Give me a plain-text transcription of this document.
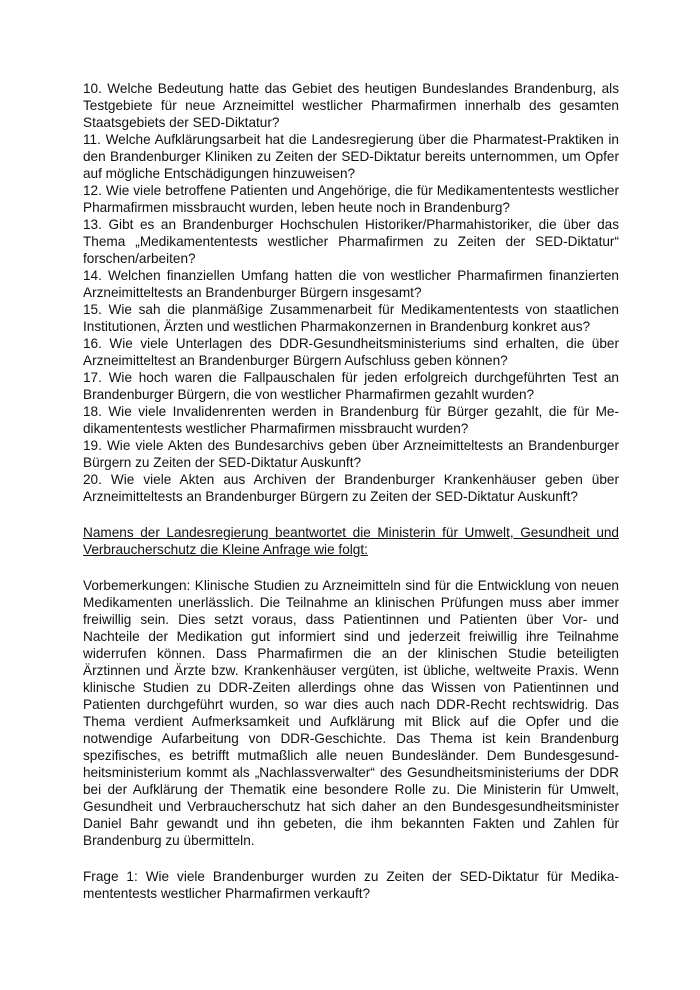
10. Welche Bedeutung hatte das Gebiet des heutigen Bundeslandes Brandenburg, als Testgebiete für neue Arzneimittel westlicher Pharmafirmen innerhalb des gesamten Staatsgebiets der SED-Diktatur?

11. Welche Aufklärungsarbeit hat die Landesregierung über die Pharmatest-Praktiken in den Brandenburger Kliniken zu Zeiten der SED-Diktatur bereits unternommen, um Opfer auf mögliche Entschädigungen hinzuweisen?

12. Wie viele betroffene Patienten und Angehörige, die für Medikamententests westlicher Pharmafirmen missbraucht wurden, leben heute noch in Brandenburg?

13. Gibt es an Brandenburger Hochschulen Historiker/Pharmahistoriker, die über das Thema „Medikamententests westlicher Pharmafirmen zu Zeiten der SED-Diktatur“ forschen/arbeiten?

14. Welchen finanziellen Umfang hatten die von westlicher Pharmafirmen finanzierten Arzneimitteltests an Brandenburger Bürgern insgesamt?

15. Wie sah die planmäßige Zusammenarbeit für Medikamententests von staatlichen Institutionen, Ärzten und westlichen Pharmakonzernen in Brandenburg konkret aus?

16. Wie viele Unterlagen des DDR-Gesundheitsministeriums sind erhalten, die über Arzneimitteltest an Brandenburger Bürgern Aufschluss geben können?

17. Wie hoch waren die Fallpauschalen für jeden erfolgreich durchgeführten Test an Brandenburger Bürgern, die von westlicher Pharmafirmen gezahlt wurden?

18. Wie viele Invalidenrenten werden in Brandenburg für Bürger gezahlt, die für Medikamententests westlicher Pharmafirmen missbraucht wurden?

19. Wie viele Akten des Bundesarchivs geben über Arzneimitteltests an Brandenburger Bürgern zu Zeiten der SED-Diktatur Auskunft?

20. Wie viele Akten aus Archiven der Brandenburger Krankenhäuser geben über Arzneimitteltests an Brandenburger Bürgern zu Zeiten der SED-Diktatur Auskunft?

Namens der Landesregierung beantwortet die Ministerin für Umwelt, Gesundheit und Verbraucherschutz die Kleine Anfrage wie folgt:

Vorbemerkungen: Klinische Studien zu Arzneimitteln sind für die Entwicklung von neuen Medikamenten unerlässlich. Die Teilnahme an klinischen Prüfungen muss aber immer freiwillig sein. Dies setzt voraus, dass Patientinnen und Patienten über Vor- und Nachteile der Medikation gut informiert sind und jederzeit freiwillig ihre Teilnahme widerrufen können. Dass Pharmafirmen die an der klinischen Studie beteiligten Ärztinnen und Ärzte bzw. Krankenhäuser vergüten, ist übliche, weltweite Praxis. Wenn klinische Studien zu DDR-Zeiten allerdings ohne das Wissen von Patientinnen und Patienten durchgeführt wurden, so war dies auch nach DDR-Recht rechtswidrig. Das Thema verdient Aufmerksamkeit und Aufklärung mit Blick auf die Opfer und die notwendige Aufarbeitung von DDR-Geschichte. Das Thema ist kein Brandenburg spezifisches, es betrifft mutmaßlich alle neuen Bundesländer. Dem Bundesgesundheitsministerium kommt als „Nachlassverwalter“ des Gesundheitsministeriums der DDR bei der Aufklärung der Thematik eine besondere Rolle zu. Die Ministerin für Umwelt, Gesundheit und Verbraucherschutz hat sich daher an den Bundesgesundheitsminister Daniel Bahr gewandt und ihn gebeten, die ihm bekannten Fakten und Zahlen für Brandenburg zu übermitteln.

Frage 1: Wie viele Brandenburger wurden zu Zeiten der SED-Diktatur für Medikamententests westlicher Pharmafirmen verkauft?
